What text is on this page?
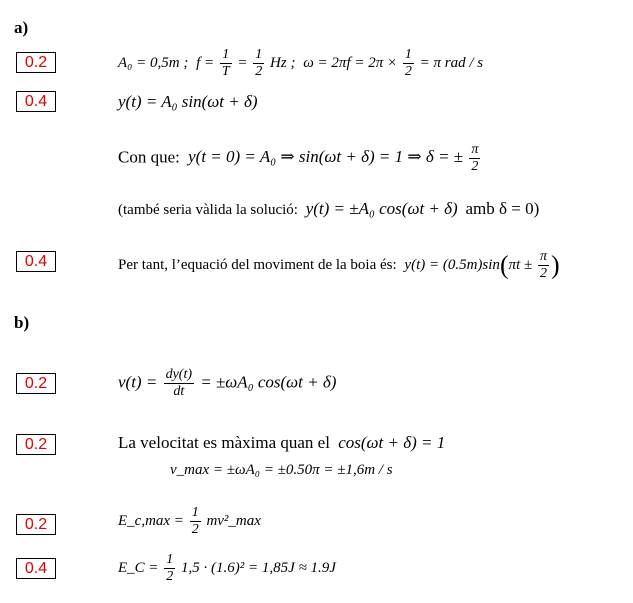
a)
0.2	A₀ = 0,5m ; $f = \frac{1}{T} = \frac{1}{2}$ Hz ; $\omega = 2\pi f = 2\pi \times \frac{1}{2} = \pi$ rad / s
0.4	y(t) = A₀ sin(ωt + δ)
Con que: y(t = 0) = A₀ ⇒ sin(ωt + δ) = 1 ⇒ δ = ± $\frac{\pi}{2}$
(també seria vàlida la solució: y(t) = ±A₀ cos(ωt + δ) amb δ = 0)
0.4	Per tant, l’equació del moviment de la boia és: $y(t) = (0.5m)\sin(\pi t \pm \frac{\pi}{2}$ )
b)
0.2	$v(t) = \frac{dy(t)}{dt} = \pm\omega A_0$ cos(ωt + δ)
0.2	La velocitat es màxima quan el cos(ωt + δ) = 1
v_max = ±ωA₀ = ±0.50π = ±1,6m / s
0.2	E_c,max = $\frac{1}{2}$ mv²_max
0.4	E_C = $\frac{1}{2} 1,5 \cdot (1.6)^2 = 1,85J \approx 1.9J$
